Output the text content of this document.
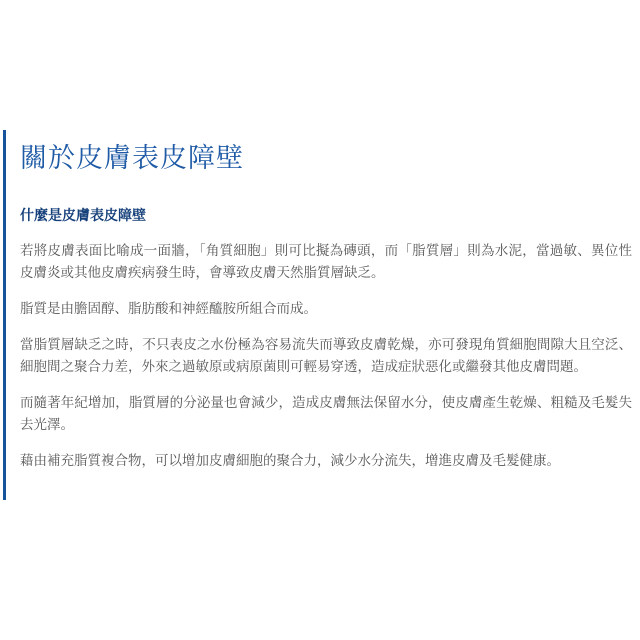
關於皮膚表皮障壁
什麼是皮膚表皮障壁

若將皮膚表面比喻成一面牆，「角質細胞」則可比擬為磚頭，而「脂質層」則為水泥，當過敏、異位性皮膚炎或其他皮膚疾病發生時，會導致皮膚天然脂質層缺乏。

脂質是由膽固醇、脂肪酸和神經醯胺所組合而成。

當脂質層缺乏之時，不只表皮之水份極為容易流失而導致皮膚乾燥，亦可發現角質細胞間隙大且空泛、細胞間之聚合力差，外來之過敏原或病原菌則可輕易穿透，造成症狀惡化或繼發其他皮膚問題。

而隨著年紀增加，脂質層的分泌量也會減少，造成皮膚無法保留水分，使皮膚產生乾燥、粗糙及毛髮失去光澤。

藉由補充脂質複合物，可以增加皮膚細胞的聚合力，減少水分流失，增進皮膚及毛髮健康。
